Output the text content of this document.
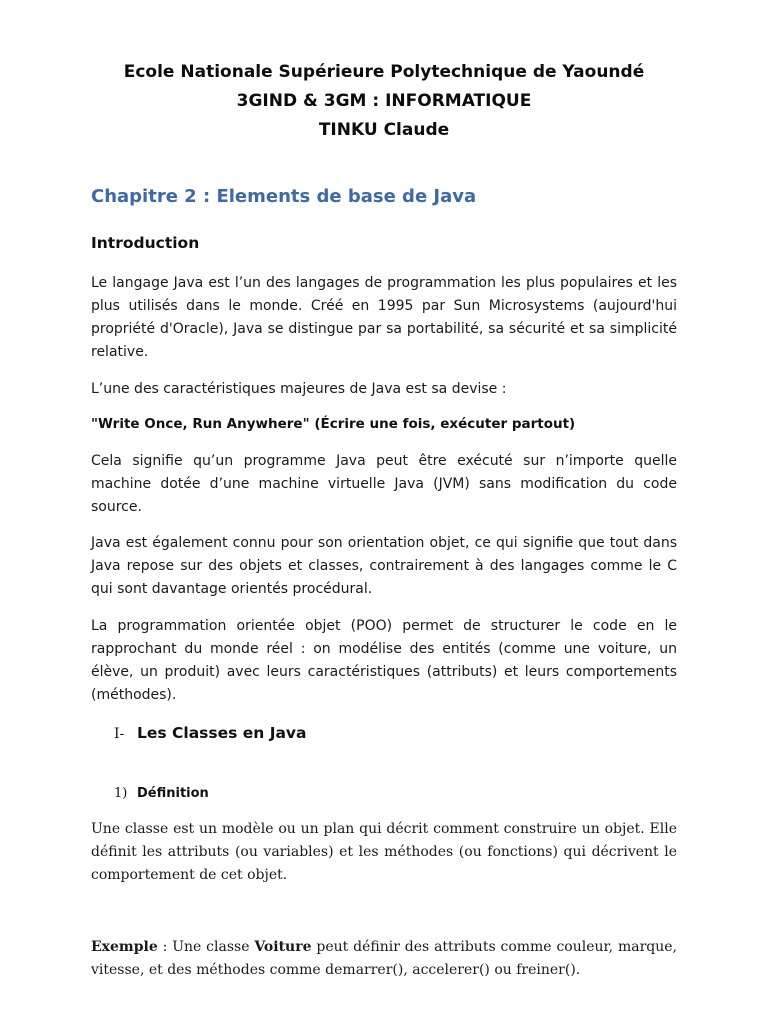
Ecole Nationale Supérieure Polytechnique de Yaoundé
3GIND & 3GM : INFORMATIQUE
TINKU Claude
Chapitre 2 : Elements de base de Java
Introduction
Le langage Java est l’un des langages de programmation les plus populaires et les plus utilisés dans le monde. Créé en 1995 par Sun Microsystems (aujourd'hui propriété d'Oracle), Java se distingue par sa portabilité, sa sécurité et sa simplicité relative.
L’une des caractéristiques majeures de Java est sa devise :
"Write Once, Run Anywhere" (Écrire une fois, exécuter partout)
Cela signifie qu’un programme Java peut être exécuté sur n’importe quelle machine dotée d’une machine virtuelle Java (JVM) sans modification du code source.
Java est également connu pour son orientation objet, ce qui signifie que tout dans Java repose sur des objets et classes, contrairement à des langages comme le C qui sont davantage orientés procédural.
La programmation orientée objet (POO) permet de structurer le code en le rapprochant du monde réel : on modélise des entités (comme une voiture, un élève, un produit) avec leurs caractéristiques (attributs) et leurs comportements (méthodes).
I- Les Classes en Java
1) Définition
Une classe est un modèle ou un plan qui décrit comment construire un objet. Elle définit les attributs (ou variables) et les méthodes (ou fonctions) qui décrivent le comportement de cet objet.
Exemple : Une classe Voiture peut définir des attributs comme couleur, marque, vitesse, et des méthodes comme demarrer(), accelerer() ou freiner().
